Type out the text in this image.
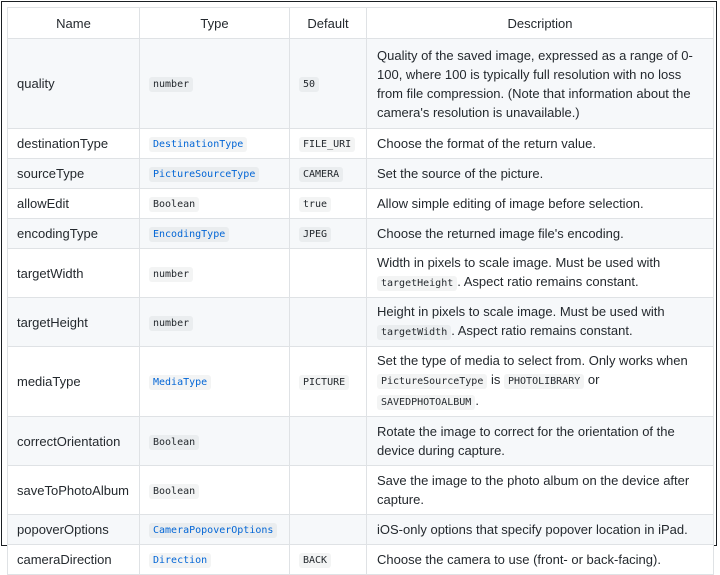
Name	Type	Default	Description
quality	number	50	Quality of the saved image, expressed as a range of 0-100, where 100 is typically full resolution with no loss from file compression. (Note that information about the camera's resolution is unavailable.)
destinationType	DestinationType	FILE_URI	Choose the format of the return value.
sourceType	PictureSourceType	CAMERA	Set the source of the picture.
allowEdit	Boolean	true	Allow simple editing of image before selection.
encodingType	EncodingType	JPEG	Choose the returned image file's encoding.
targetWidth	number		Width in pixels to scale image. Must be used with targetHeight . Aspect ratio remains constant.
targetHeight	number		Height in pixels to scale image. Must be used with targetWidth . Aspect ratio remains constant.
mediaType	MediaType	PICTURE	Set the type of media to select from. Only works when PictureSourceType is PHOTOLIBRARY or SAVEDPHOTOALBUM .
correctOrientation	Boolean		Rotate the image to correct for the orientation of the device during capture.
saveToPhotoAlbum	Boolean		Save the image to the photo album on the device after capture.
popoverOptions	CameraPopoverOptions		iOS-only options that specify popover location in iPad.
cameraDirection	Direction	BACK	Choose the camera to use (front- or back-facing).
